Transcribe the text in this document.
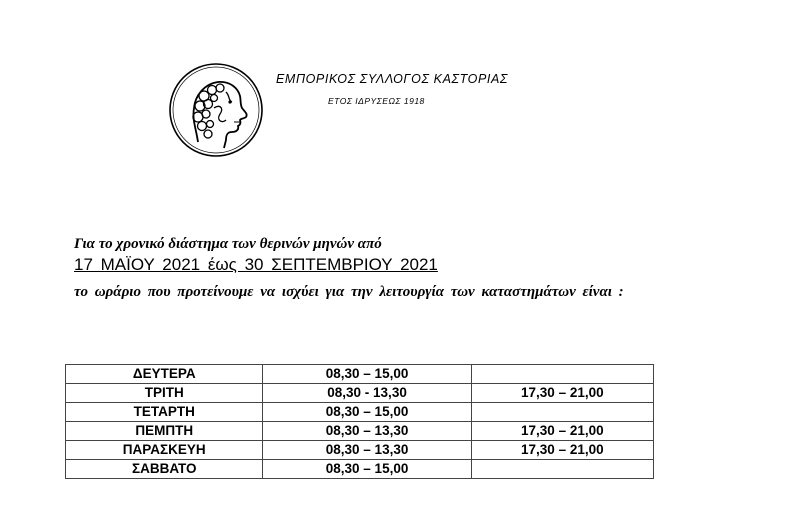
ΕΜΠΟΡΙΚΟΣ ΣΥΛΛΟΓΟΣ ΚΑΣΤΟΡΙΑΣ
ΕΤΟΣ ΙΔΡΥΣΕΩΣ 1918
Για το χρονικό διάστημα των θερινών μηνών από
17 ΜΑΪΟΥ 2021 έως 30 ΣΕΠΤΕΜΒΡΙΟΥ 2021
το ωράριο που προτείνουμε να ισχύει για την λειτουργία των καταστημάτων είναι :
ΔΕΥΤΕΡΑ	08,30 – 15,00	
ΤΡΙΤΗ	08,30 - 13,30	17,30 – 21,00
ΤΕΤΑΡΤΗ	08,30 – 15,00	
ΠΕΜΠΤΗ	08,30 – 13,30	17,30 – 21,00
ΠΑΡΑΣΚΕΥΗ	08,30 – 13,30	17,30 – 21,00
ΣΑΒΒΑΤΟ	08,30 – 15,00	
